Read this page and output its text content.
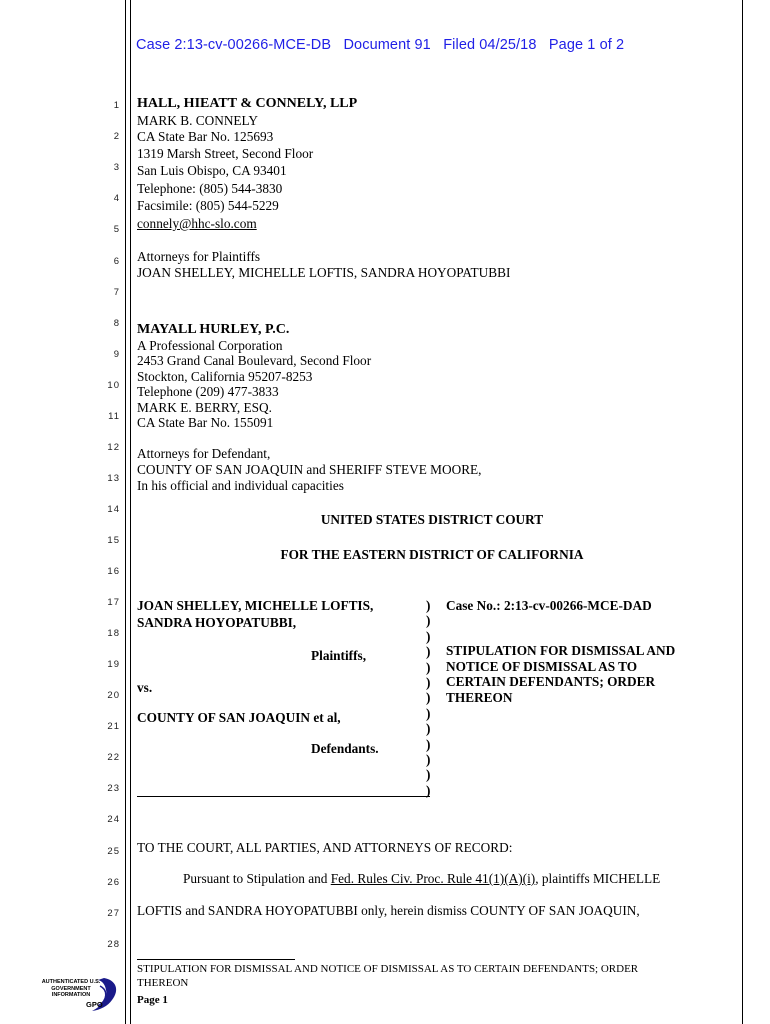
Case 2:13-cv-00266-MCE-DB   Document 91   Filed 04/25/18   Page 1 of 2
1
2
3
4
5
6
7
8
9
10
11
12
13
14
15
16
17
18
19
20
21
22
23
24
25
26
27
28
HALL, HIEATT & CONNELY, LLP
MARK B. CONNELY
CA State Bar No. 125693
1319 Marsh Street, Second Floor
San Luis Obispo, CA 93401
Telephone: (805) 544-3830
Facsimile: (805) 544-5229
connely@hhc-slo.com
Attorneys for Plaintiffs
JOAN SHELLEY, MICHELLE LOFTIS, SANDRA HOYOPATUBBI
MAYALL HURLEY, P.C.
A Professional Corporation
2453 Grand Canal Boulevard, Second Floor
Stockton, California 95207-8253
Telephone (209) 477-3833
MARK E. BERRY, ESQ.
CA State Bar No. 155091
Attorneys for Defendant,
COUNTY OF SAN JOAQUIN and SHERIFF STEVE MOORE,
In his official and individual capacities
UNITED STATES DISTRICT COURT
FOR THE EASTERN DISTRICT OF CALIFORNIA
JOAN SHELLEY, MICHELLE LOFTIS,
SANDRA HOYOPATUBBI,
Plaintiffs,
vs.
COUNTY OF SAN JOAQUIN et al,
Defendants.
)
)
)
)
)
)
)
)
)
)
)
)
)
Case No.: 2:13-cv-00266-MCE-DAD
STIPULATION FOR DISMISSAL AND
NOTICE OF DISMISSAL AS TO
CERTAIN DEFENDANTS; ORDER
THEREON
TO THE COURT, ALL PARTIES, AND ATTORNEYS OF RECORD:
Pursuant to Stipulation and Fed. Rules Civ. Proc. Rule 41(1)(A)(i), plaintiffs MICHELLE
LOFTIS and SANDRA HOYOPATUBBI only, herein dismiss COUNTY OF SAN JOAQUIN,
STIPULATION FOR DISMISSAL AND NOTICE OF DISMISSAL AS TO CERTAIN DEFENDANTS; ORDER
THEREON
Page 1
AUTHENTICATED U.S. GOVERNMENT INFORMATION
GPO
